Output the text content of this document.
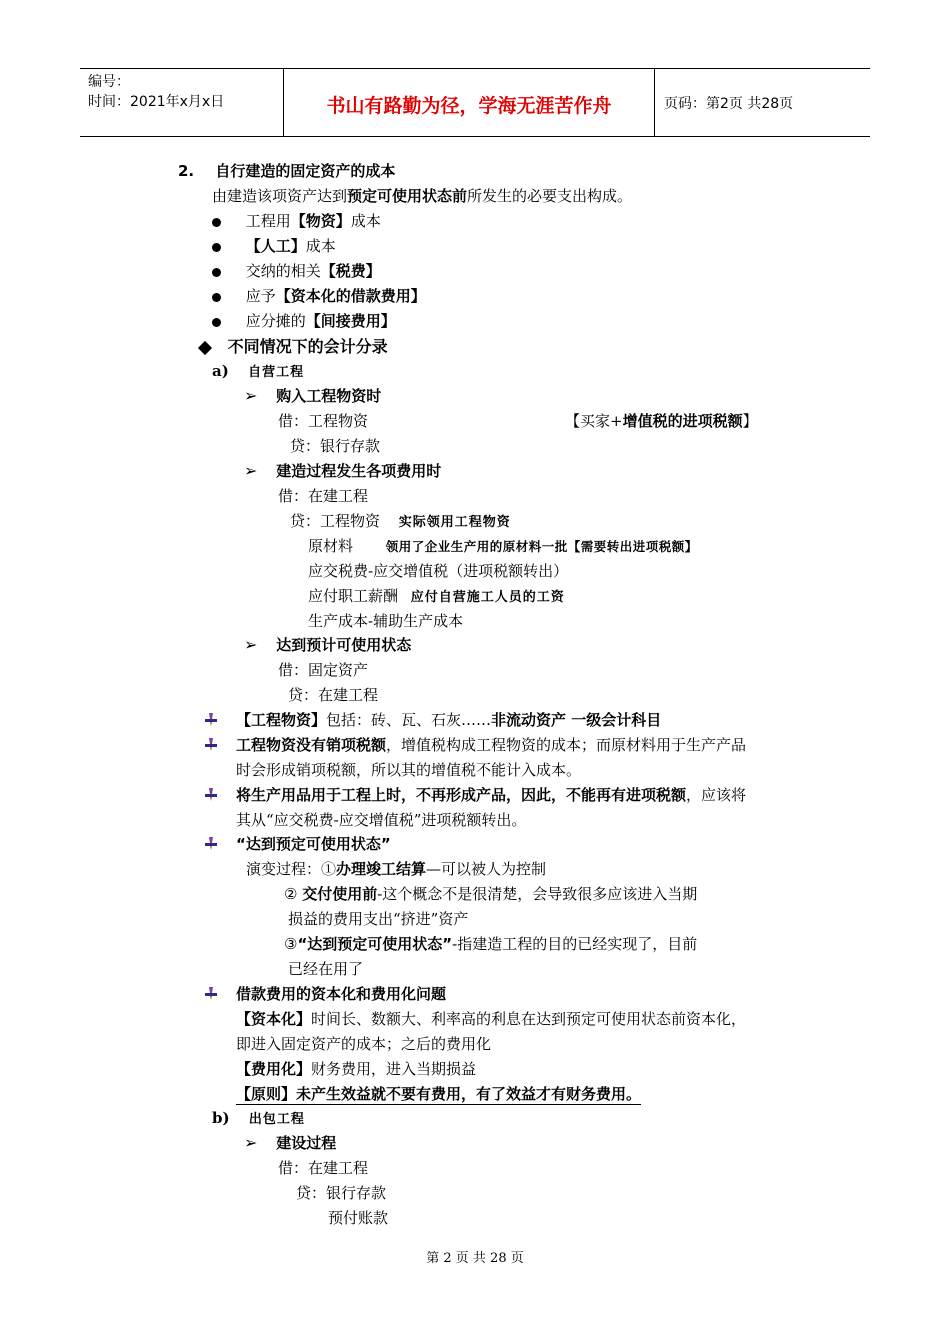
编号：
时间：2021年x月x日	书山有路勤为径，学海无涯苦作舟	页码：第2页 共28页
2. 自行建造的固定资产的成本
由建造该项资产达到预定可使用状态前所发生的必要支出构成。
工程用【物资】成本
【人工】成本
交纳的相关【税费】
应予【资本化的借款费用】
应分摊的【间接费用】
不同情况下的会计分录
a) 自营工程
➢ 购入工程物资时
借：工程物资	【买家+增值税的进项税额】
贷：银行存款
➢ 建造过程发生各项费用时
借：在建工程
贷：工程物资 实际领用工程物资
原材料	领用了企业生产用的原材料一批【需要转出进项税额】
应交税费-应交增值税（进项税额转出）
应付职工薪酬 应付自营施工人员的工资
生产成本-辅助生产成本
➢ 达到预计可使用状态
借：固定资产
贷：在建工程
【工程物资】包括：砖、瓦、石灰……非流动资产 一级会计科目
工程物资没有销项税额，增值税构成工程物资的成本；而原材料用于生产产品
时会形成销项税额，所以其的增值税不能计入成本。
将生产用品用于工程上时，不再形成产品，因此，不能再有进项税额，应该将
其从“应交税费-应交增值税”进项税额转出。
“达到预定可使用状态”
演变过程：①办理竣工结算—可以被人为控制
② 交付使用前-这个概念不是很清楚，会导致很多应该进入当期
损益的费用支出“挤进”资产
③“达到预定可使用状态”-指建造工程的目的已经实现了，目前
已经在用了
借款费用的资本化和费用化问题
【资本化】时间长、数额大、利率高的利息在达到预定可使用状态前资本化，
即进入固定资产的成本；之后的费用化
【费用化】财务费用，进入当期损益
【原则】未产生效益就不要有费用，有了效益才有财务费用。
b) 出包工程
➢ 建设过程
借：在建工程
贷：银行存款
预付账款
第 2 页 共 28 页
